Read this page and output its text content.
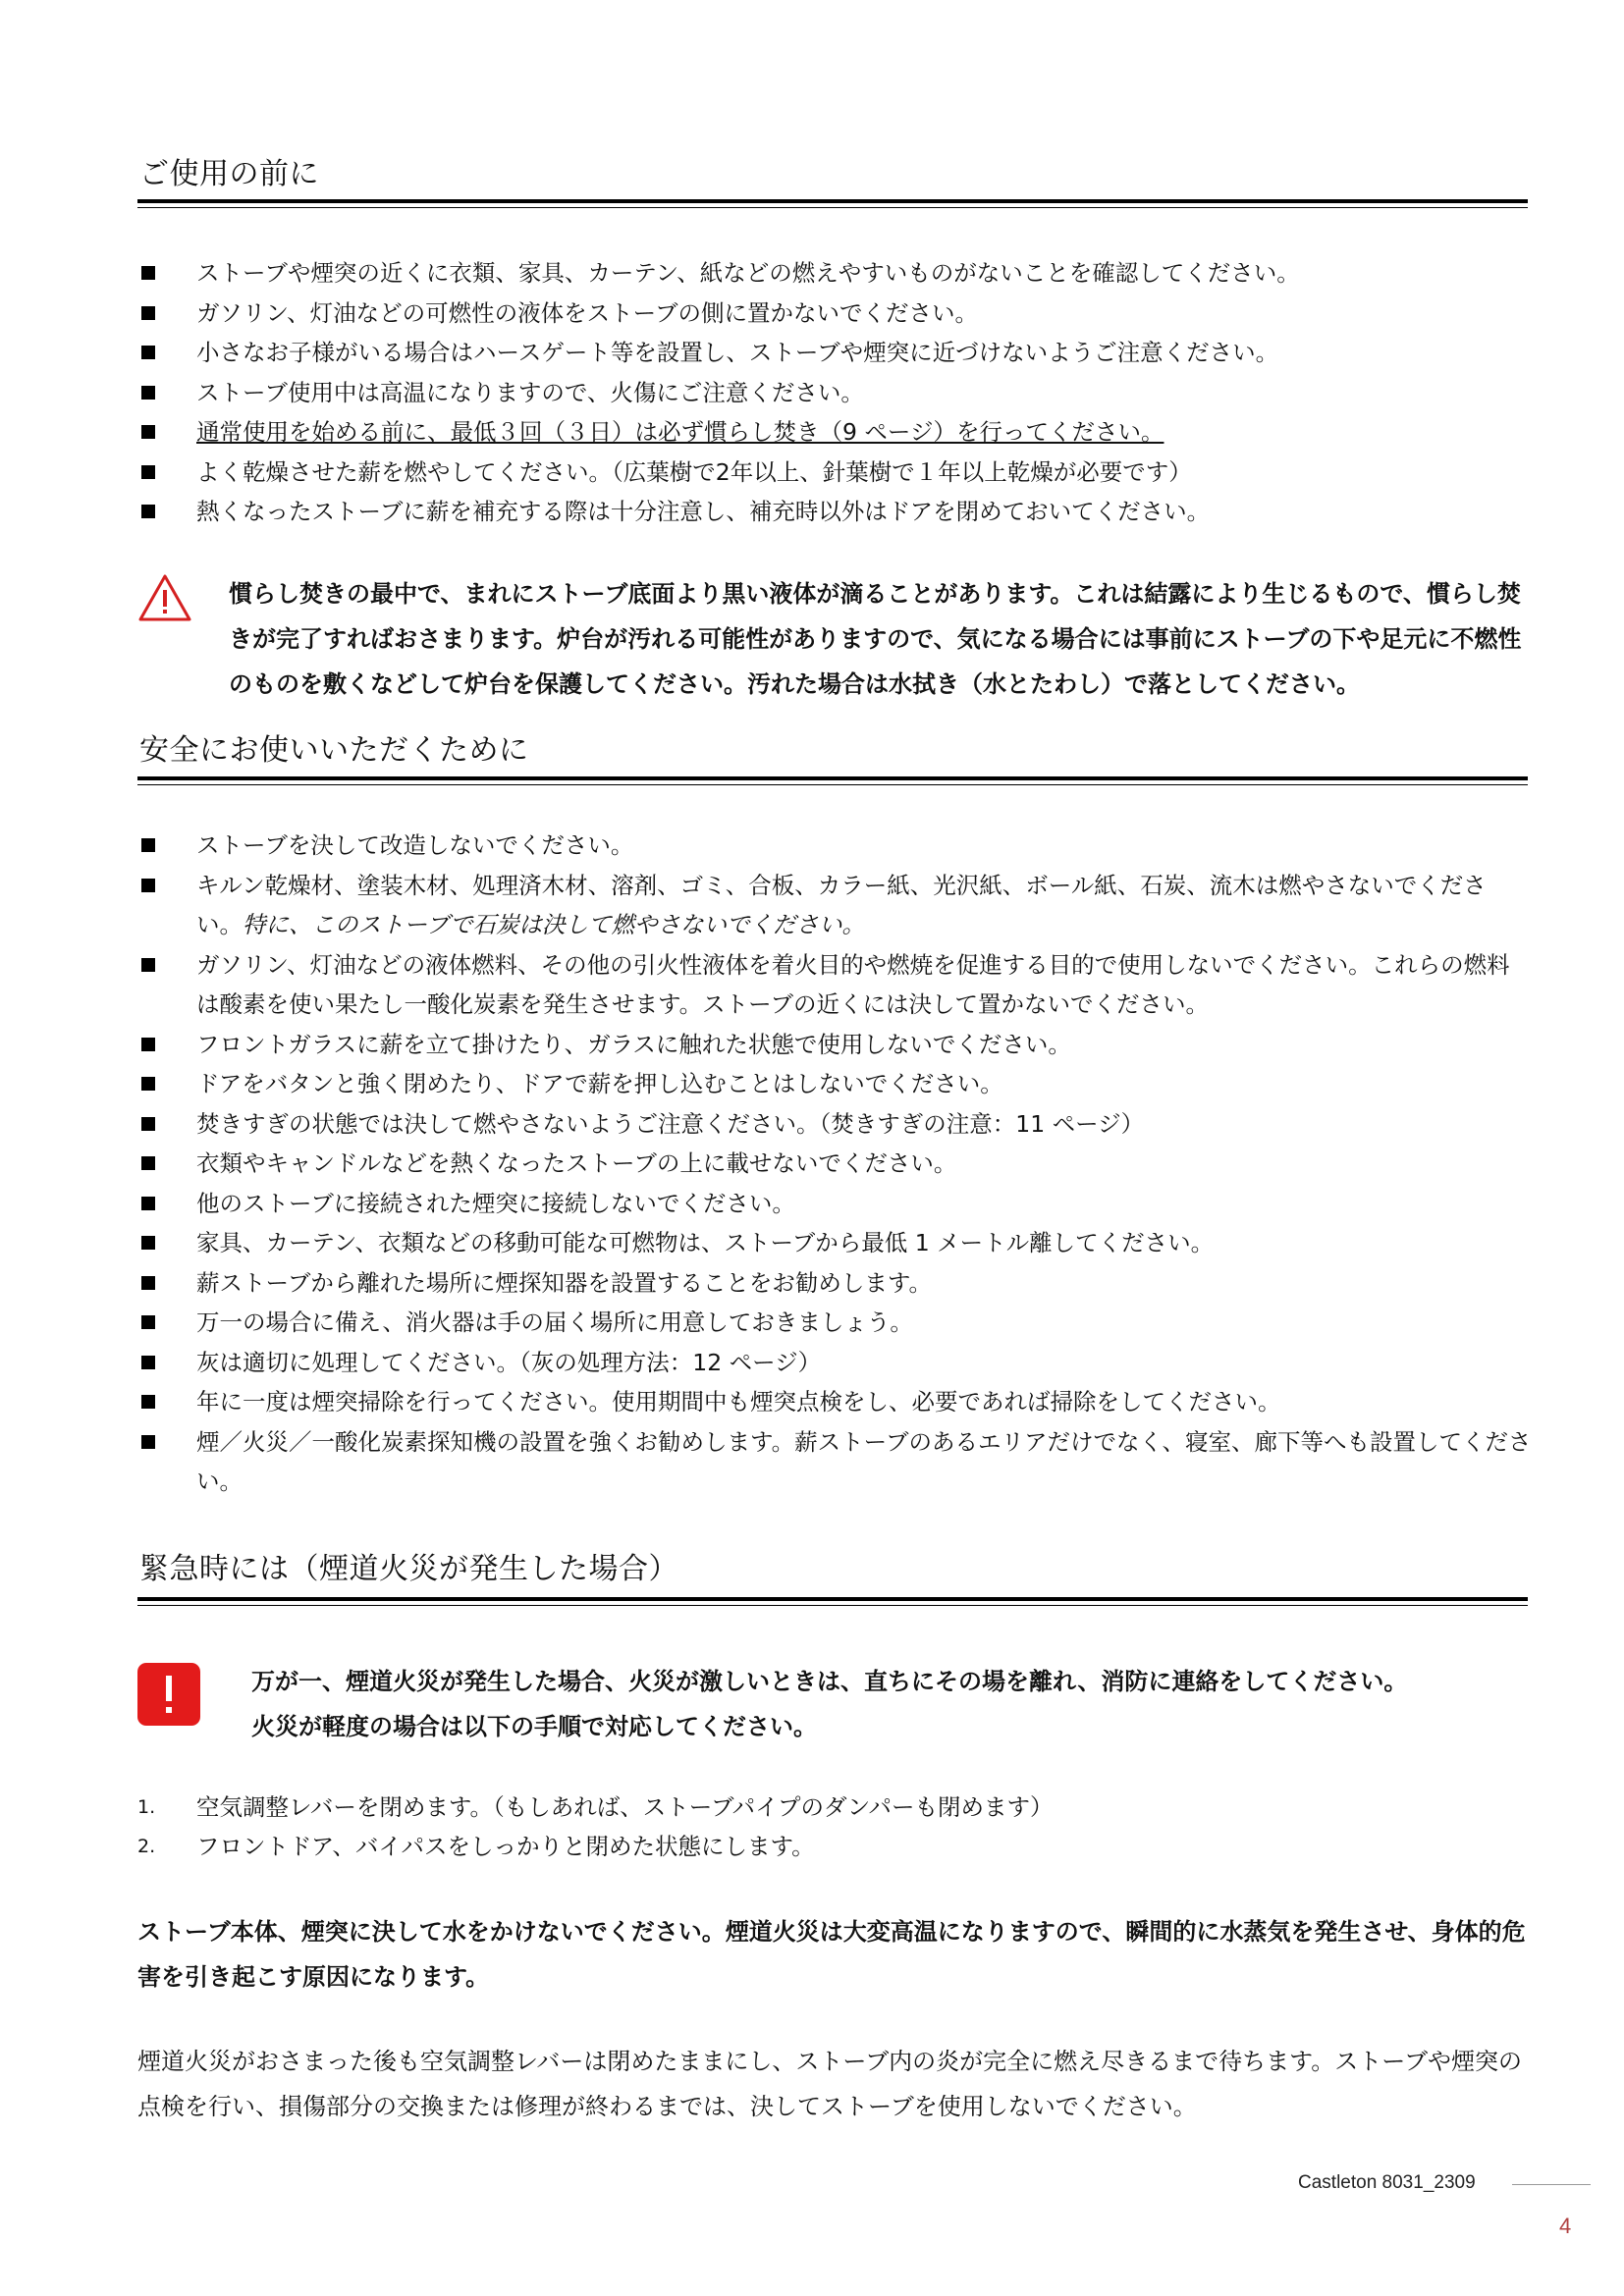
ご使用の前に
ストーブや煙突の近くに衣類、家具、カーテン、紙などの燃えやすいものがないことを確認してください。
ガソリン、灯油などの可燃性の液体をストーブの側に置かないでください。
小さなお子様がいる場合はハースゲート等を設置し、ストーブや煙突に近づけないようご注意ください。
ストーブ使用中は高温になりますので、火傷にご注意ください。
通常使用を始める前に、最低３回（３日）は必ず慣らし焚き（9 ページ）を行ってください。
よく乾燥させた薪を燃やしてください。（広葉樹で2年以上、針葉樹で１年以上乾燥が必要です）
熱くなったストーブに薪を補充する際は十分注意し、補充時以外はドアを閉めておいてください。
慣らし焚きの最中で、まれにストーブ底面より黒い液体が滴ることがあります。これは結露により生じるもので、慣らし焚きが完了すればおさまります。炉台が汚れる可能性がありますので、気になる場合には事前にストーブの下や足元に不燃性のものを敷くなどして炉台を保護してください。汚れた場合は水拭き（水とたわし）で落としてください。
安全にお使いいただくために
ストーブを決して改造しないでください。
キルン乾燥材、塗装木材、処理済木材、溶剤、ゴミ、合板、カラー紙、光沢紙、ボール紙、石炭、流木は燃やさないでください。特に、このストーブで石炭は決して燃やさないでください。
ガソリン、灯油などの液体燃料、その他の引火性液体を着火目的や燃焼を促進する目的で使用しないでください。これらの燃料は酸素を使い果たし一酸化炭素を発生させます。ストーブの近くには決して置かないでください。
フロントガラスに薪を立て掛けたり、ガラスに触れた状態で使用しないでください。
ドアをバタンと強く閉めたり、ドアで薪を押し込むことはしないでください。
焚きすぎの状態では決して燃やさないようご注意ください。（焚きすぎの注意：11 ページ）
衣類やキャンドルなどを熱くなったストーブの上に載せないでください。
他のストーブに接続された煙突に接続しないでください。
家具、カーテン、衣類などの移動可能な可燃物は、ストーブから最低 1 メートル離してください。
薪ストーブから離れた場所に煙探知器を設置することをお勧めします。
万一の場合に備え、消火器は手の届く場所に用意しておきましょう。
灰は適切に処理してください。（灰の処理方法：12 ページ）
年に一度は煙突掃除を行ってください。使用期間中も煙突点検をし、必要であれば掃除をしてください。
煙／火災／一酸化炭素探知機の設置を強くお勧めします。薪ストーブのあるエリアだけでなく、寝室、廊下等へも設置してください。
緊急時には（煙道火災が発生した場合）
万が一、煙道火災が発生した場合、火災が激しいときは、直ちにその場を離れ、消防に連絡をしてください。
火災が軽度の場合は以下の手順で対応してください。
1. 空気調整レバーを閉めます。（もしあれば、ストーブパイプのダンパーも閉めます）
2. フロントドア、バイパスをしっかりと閉めた状態にします。
ストーブ本体、煙突に決して水をかけないでください。煙道火災は大変高温になりますので、瞬間的に水蒸気を発生させ、身体的危害を引き起こす原因になります。
煙道火災がおさまった後も空気調整レバーは閉めたままにし、ストーブ内の炎が完全に燃え尽きるまで待ちます。ストーブや煙突の点検を行い、損傷部分の交換または修理が終わるまでは、決してストーブを使用しないでください。
Castleton 8031_2309
4
